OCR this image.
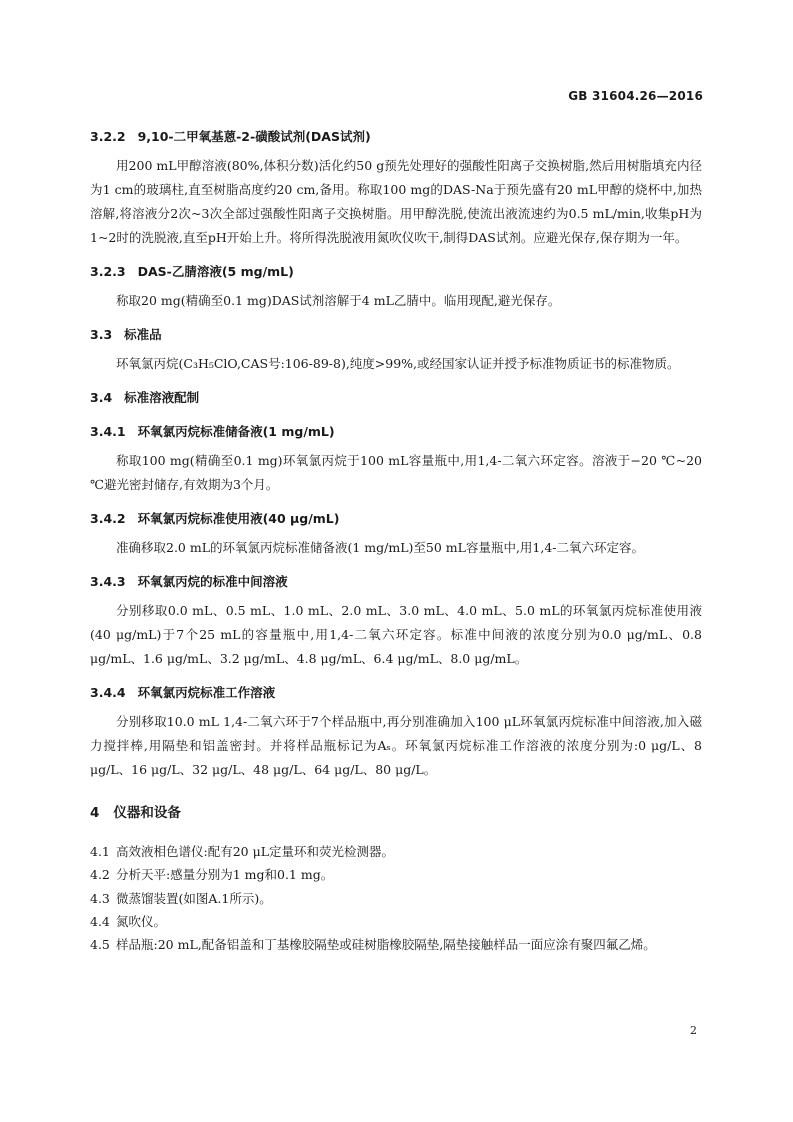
GB 31604.26—2016
3.2.2 9,10-二甲氧基蒽-2-磺酸试剂(DAS试剂)
用200 mL甲醇溶液(80%,体积分数)活化约50 g预先处理好的强酸性阳离子交换树脂,然后用树脂填充内径为1 cm的玻璃柱,直至树脂高度约20 cm,备用。称取100 mg的DAS-Na于预先盛有20 mL甲醇的烧杯中,加热溶解,将溶液分2次~3次全部过强酸性阳离子交换树脂。用甲醇洗脱,使流出液流速约为0.5 mL/min,收集pH为1~2时的洗脱液,直至pH开始上升。将所得洗脱液用氮吹仪吹干,制得DAS试剂。应避光保存,保存期为一年。
3.2.3 DAS-乙腈溶液(5 mg/mL)
称取20 mg(精确至0.1 mg)DAS试剂溶解于4 mL乙腈中。临用现配,避光保存。
3.3 标准品
环氧氯丙烷(C₃H₅ClO,CAS号:106-89-8),纯度>99%,或经国家认证并授予标准物质证书的标准物质。
3.4 标准溶液配制
3.4.1 环氧氯丙烷标准储备液(1 mg/mL)
称取100 mg(精确至0.1 mg)环氧氯丙烷于100 mL容量瓶中,用1,4-二氧六环定容。溶液于−20 ℃~20 ℃避光密封储存,有效期为3个月。
3.4.2 环氧氯丙烷标准使用液(40 μg/mL)
准确移取2.0 mL的环氧氯丙烷标准储备液(1 mg/mL)至50 mL容量瓶中,用1,4-二氧六环定容。
3.4.3 环氧氯丙烷的标准中间溶液
分别移取0.0 mL、0.5 mL、1.0 mL、2.0 mL、3.0 mL、4.0 mL、5.0 mL的环氧氯丙烷标准使用液(40 μg/mL)于7个25 mL的容量瓶中,用1,4-二氧六环定容。标准中间液的浓度分别为0.0 μg/mL、0.8 μg/mL、1.6 μg/mL、3.2 μg/mL、4.8 μg/mL、6.4 μg/mL、8.0 μg/mL。
3.4.4 环氧氯丙烷标准工作溶液
分别移取10.0 mL 1,4-二氧六环于7个样品瓶中,再分别准确加入100 μL环氧氯丙烷标准中间溶液,加入磁力搅拌棒,用隔垫和铝盖密封。并将样品瓶标记为Aₛ。环氧氯丙烷标准工作溶液的浓度分别为:0 μg/L、8 μg/L、16 μg/L、32 μg/L、48 μg/L、64 μg/L、80 μg/L。
4 仪器和设备
4.1 高效液相色谱仪:配有20 μL定量环和荧光检测器。
4.2 分析天平:感量分别为1 mg和0.1 mg。
4.3 微蒸馏装置(如图A.1所示)。
4.4 氮吹仪。
4.5 样品瓶:20 mL,配备铝盖和丁基橡胶隔垫或硅树脂橡胶隔垫,隔垫接触样品一面应涂有聚四氟乙烯。
2
